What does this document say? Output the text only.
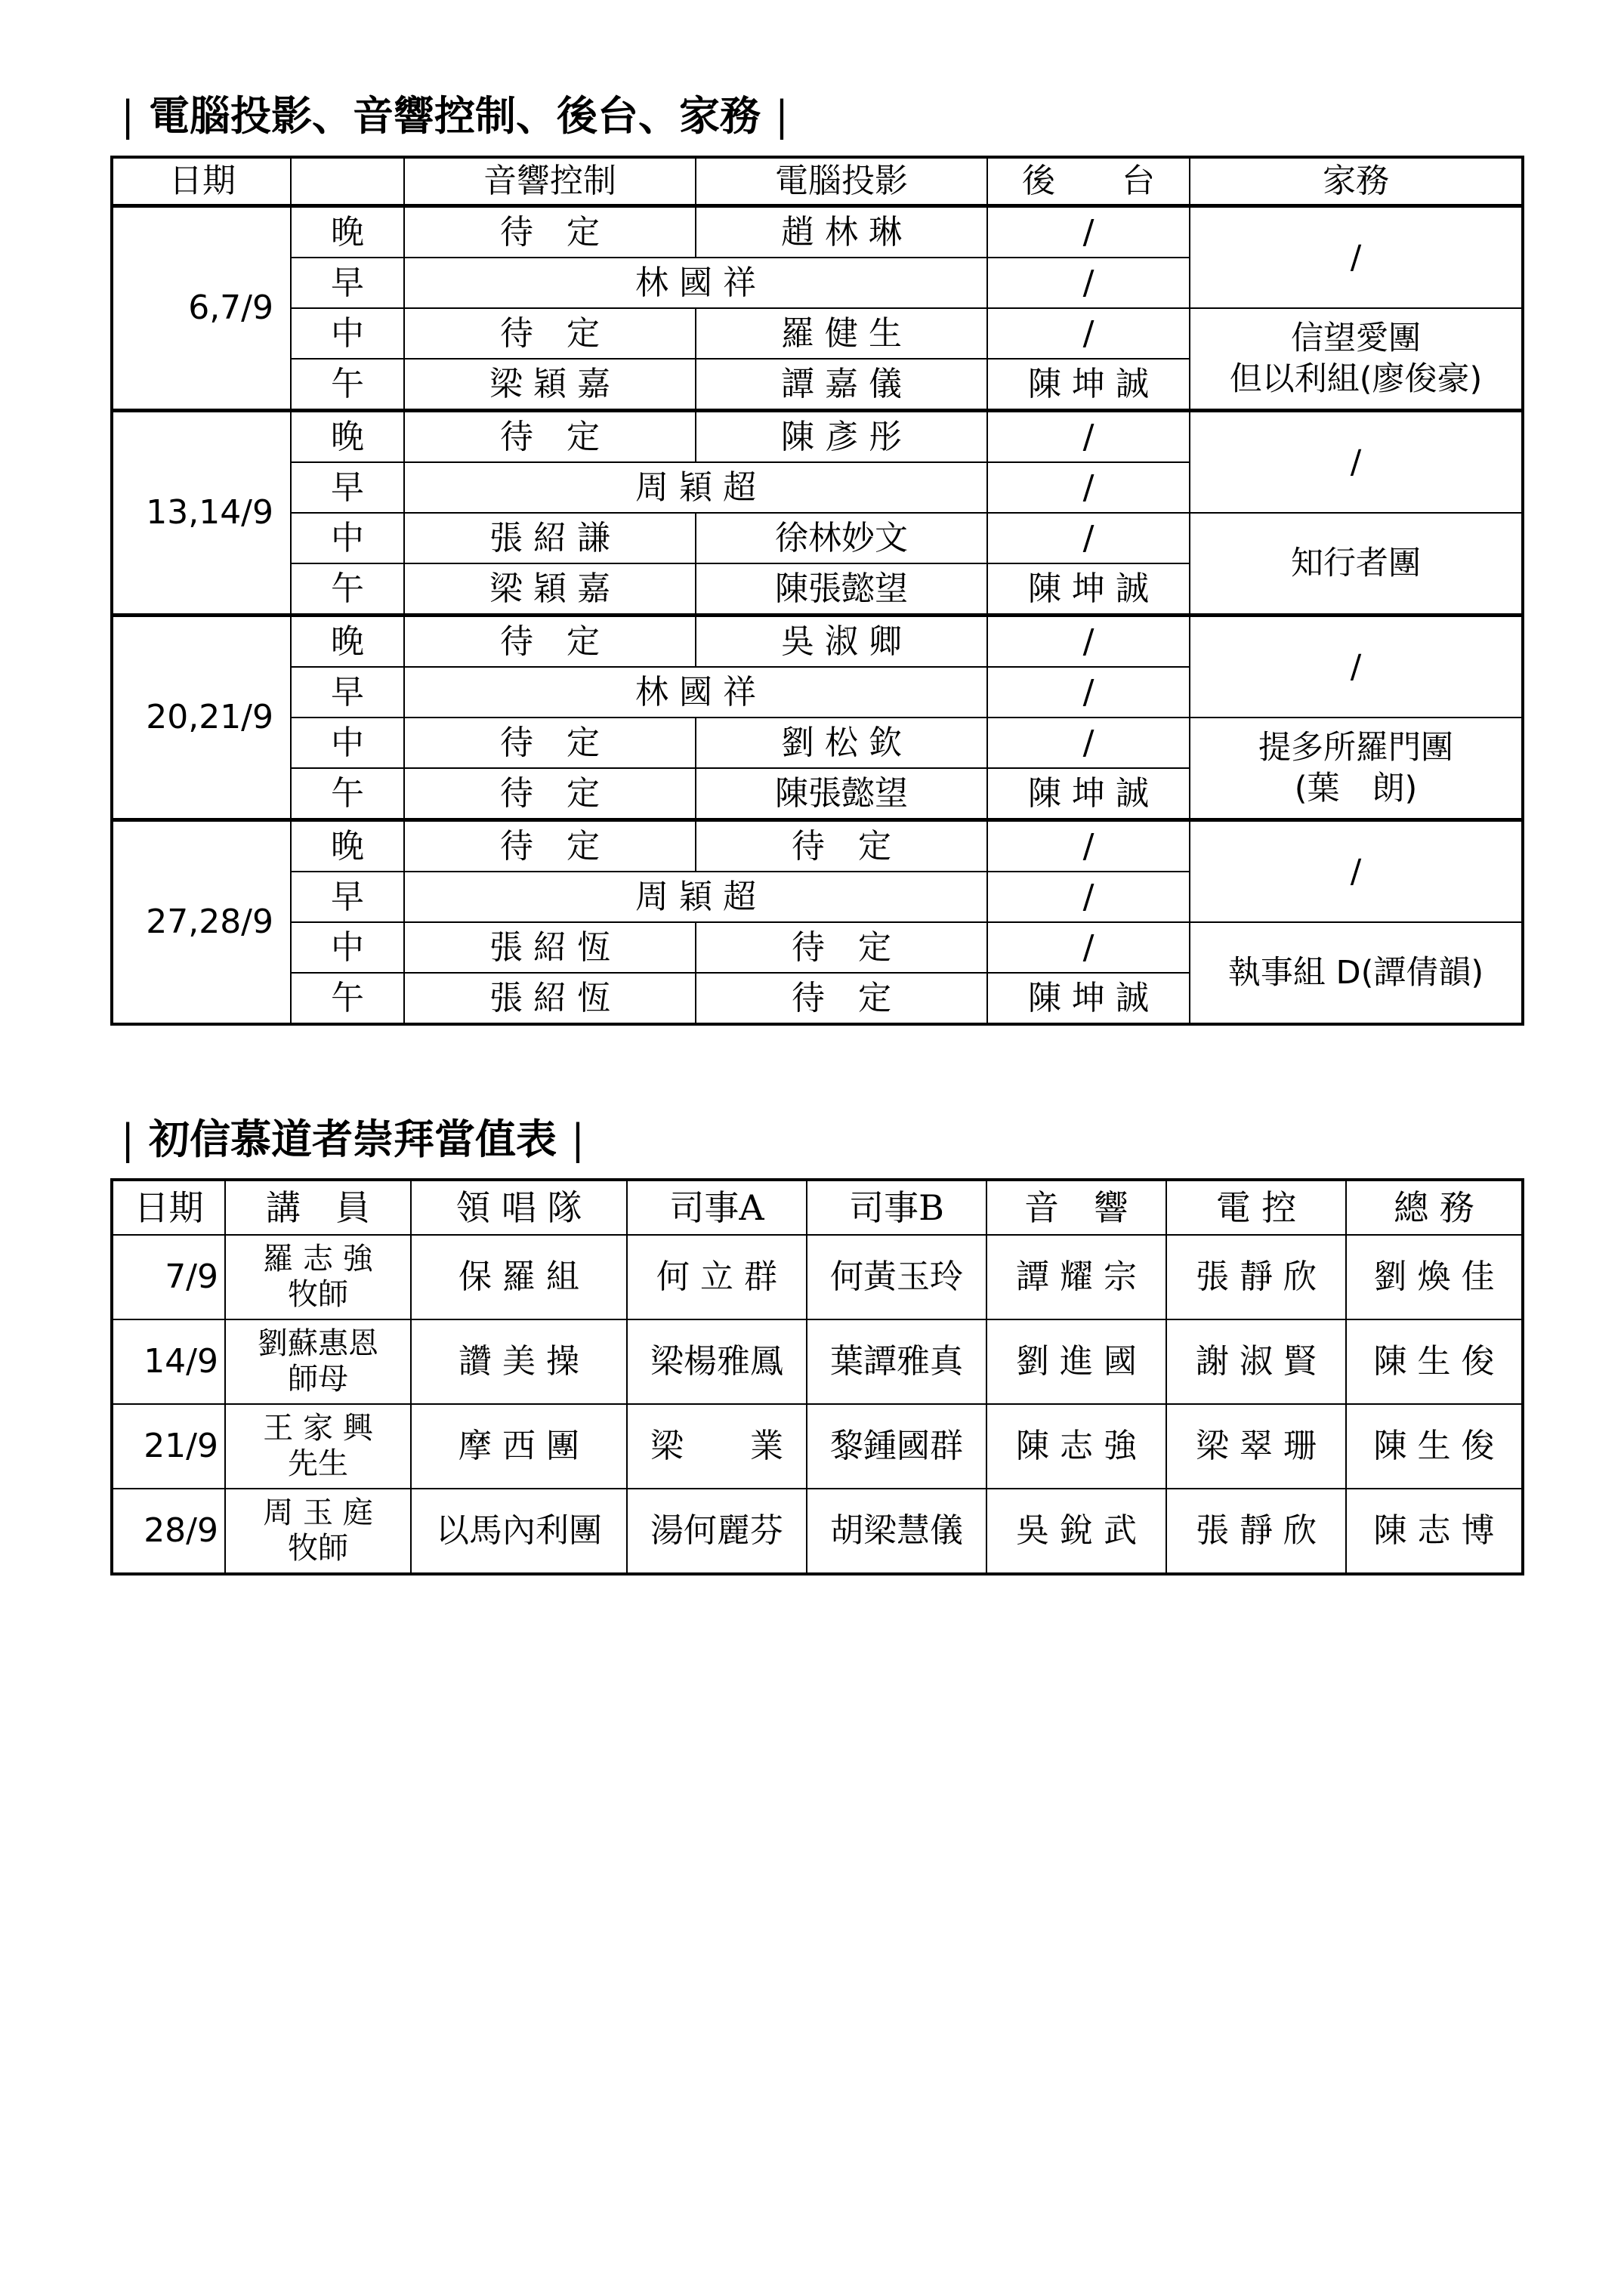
| 電腦投影、音響控制、後台、家務 |
日期		音響控制	電腦投影	後　　台	家務
6,7/9	晚	待　定	趙 林 琳	/	/
	早	林 國 祥		/	
	中	待　定	羅 健 生	/	信望愛團
但以利組(廖俊豪)

	午	梁 穎 嘉	譚 嘉 儀	陳 坤 誠	
13,14/9	晚	待　定	陳 彥 彤	/	/
	早	周 穎 超		/	
	中	張 紹 謙	徐林妙文	/	知行者團

	午	梁 穎 嘉	陳張懿望	陳 坤 誠	
20,21/9	晚	待　定	吳 淑 卿	/	/
	早	林 國 祥		/	
	中	待　定	劉 松 欽	/	提多所羅門團
(葉　朗)

	午	待　定	陳張懿望	陳 坤 誠	
27,28/9	晚	待　定	待　定	/	/
	早	周 穎 超		/	
	中	張 紹 恆	待　定	/	執事組 D(譚倩韻)

	午	張 紹 恆	待　定	陳 坤 誠	
| 初信慕道者崇拜當值表 |
日期	講　員	領 唱 隊	司事A	司事B	音　響	電 控	總 務
7/9	羅 志 強
牧師	保 羅 組	何 立 群	何黃玉玲	譚 耀 宗	張 靜 欣	劉 煥 佳
14/9	劉蘇惠恩
師母	讚 美 操	梁楊雅鳳	葉譚雅真	劉 進 國	謝 淑 賢	陳 生 俊
21/9	王 家 興
先生	摩 西 團	梁　　業	黎鍾國群	陳 志 強	梁 翠 珊	陳 生 俊
28/9	周 玉 庭
牧師	以馬內利團	湯何麗芬	胡梁慧儀	吳 銳 武	張 靜 欣	陳 志 博
